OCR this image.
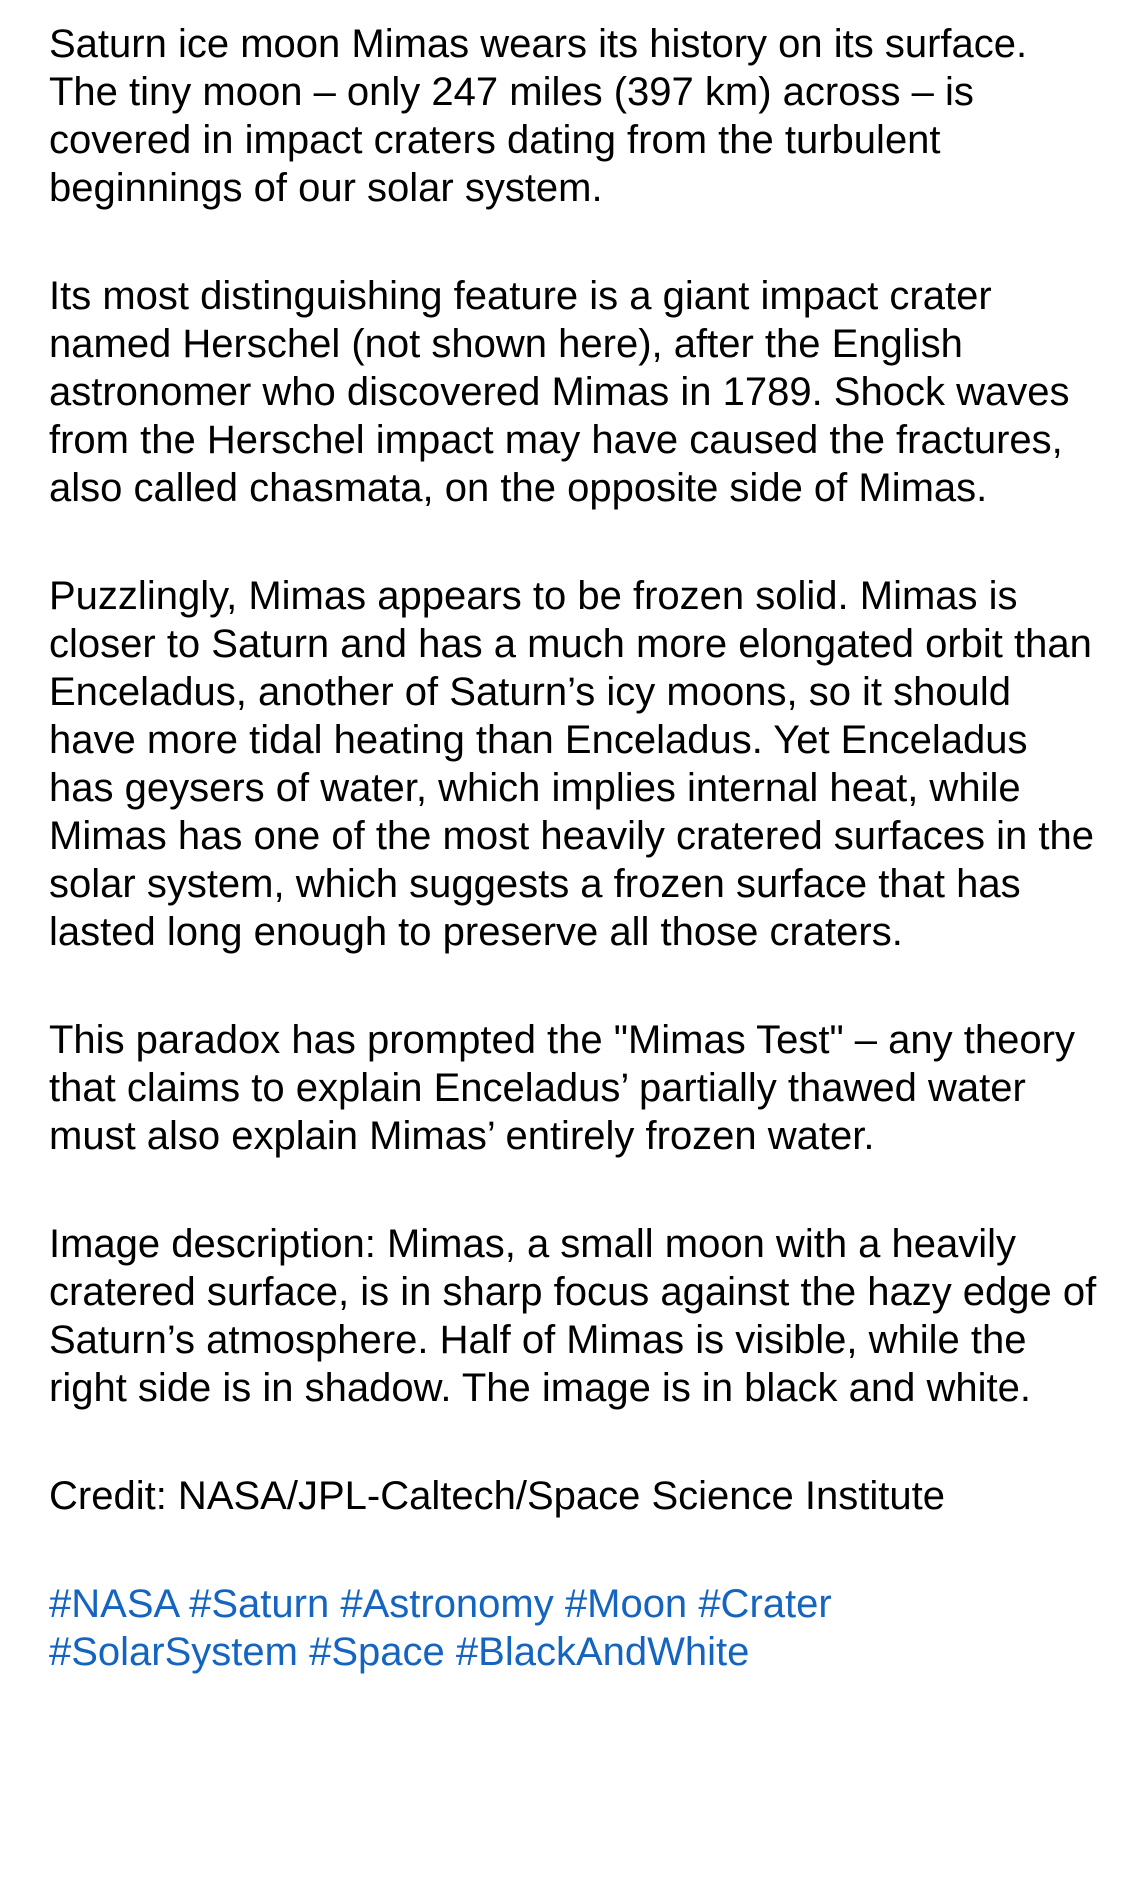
Saturn ice moon Mimas wears its history on its surface. The tiny moon – only 247 miles (397 km) across – is covered in impact craters dating from the turbulent beginnings of our solar system.

Its most distinguishing feature is a giant impact crater named Herschel (not shown here), after the English astronomer who discovered Mimas in 1789. Shock waves from the Herschel impact may have caused the fractures, also called chasmata, on the opposite side of Mimas.

Puzzlingly, Mimas appears to be frozen solid. Mimas is closer to Saturn and has a much more elongated orbit than Enceladus, another of Saturn’s icy moons, so it should have more tidal heating than Enceladus. Yet Enceladus has geysers of water, which implies internal heat, while Mimas has one of the most heavily cratered surfaces in the solar system, which suggests a frozen surface that has lasted long enough to preserve all those craters.

This paradox has prompted the "Mimas Test" – any theory that claims to explain Enceladus’ partially thawed water must also explain Mimas’ entirely frozen water.

Image description: Mimas, a small moon with a heavily cratered surface, is in sharp focus against the hazy edge of Saturn’s atmosphere. Half of Mimas is visible, while the right side is in shadow. The image is in black and white.

Credit: NASA/JPL-Caltech/Space Science Institute

#NASA #Saturn #Astronomy #Moon #Crater
#SolarSystem #Space #BlackAndWhite
